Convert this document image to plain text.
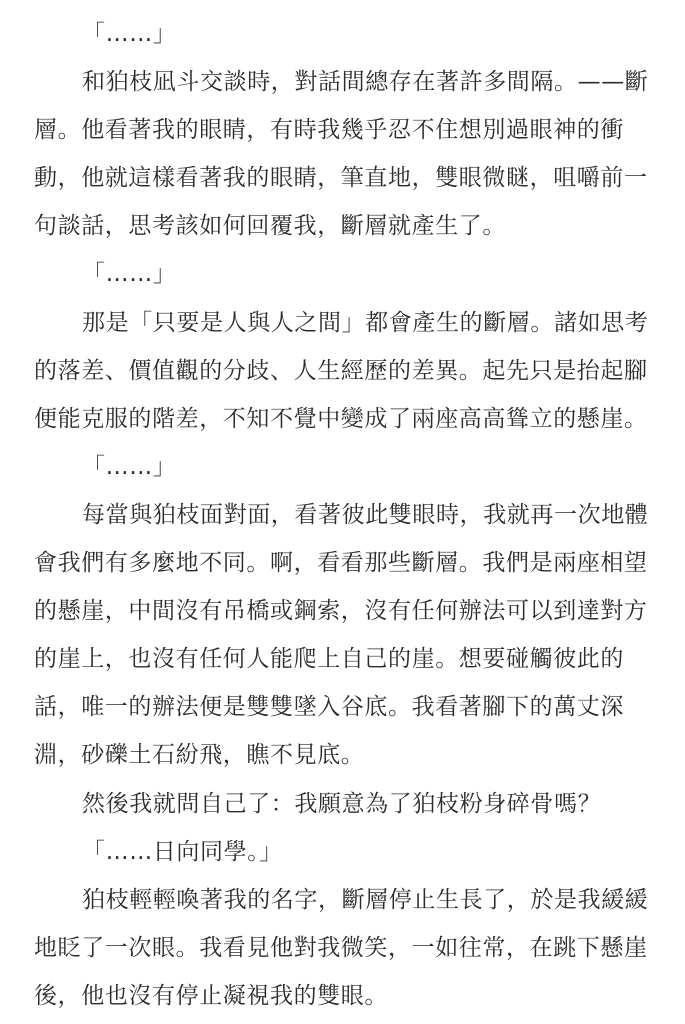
「……」
和狛枝凪斗交談時，對話間總存在著許多間隔。——斷
層。他看著我的眼睛，有時我幾乎忍不住想別過眼神的衝
動，他就這樣看著我的眼睛，筆直地，雙眼微瞇，咀嚼前一
句談話，思考該如何回覆我，斷層就產生了。
「……」
那是「只要是人與人之間」都會產生的斷層。諸如思考
的落差、價值觀的分歧、人生經歷的差異。起先只是抬起腳
便能克服的階差，不知不覺中變成了兩座高高聳立的懸崖。
「……」
每當與狛枝面對面，看著彼此雙眼時，我就再一次地體
會我們有多麼地不同。啊，看看那些斷層。我們是兩座相望
的懸崖，中間沒有吊橋或鋼索，沒有任何辦法可以到達對方
的崖上，也沒有任何人能爬上自己的崖。想要碰觸彼此的
話，唯一的辦法便是雙雙墜入谷底。我看著腳下的萬丈深
淵，砂礫土石紛飛，瞧不見底。
然後我就問自己了：我願意為了狛枝粉身碎骨嗎？
「……日向同學。」
狛枝輕輕喚著我的名字，斷層停止生長了，於是我緩緩
地眨了一次眼。我看見他對我微笑，一如往常，在跳下懸崖
後，他也沒有停止凝視我的雙眼。
